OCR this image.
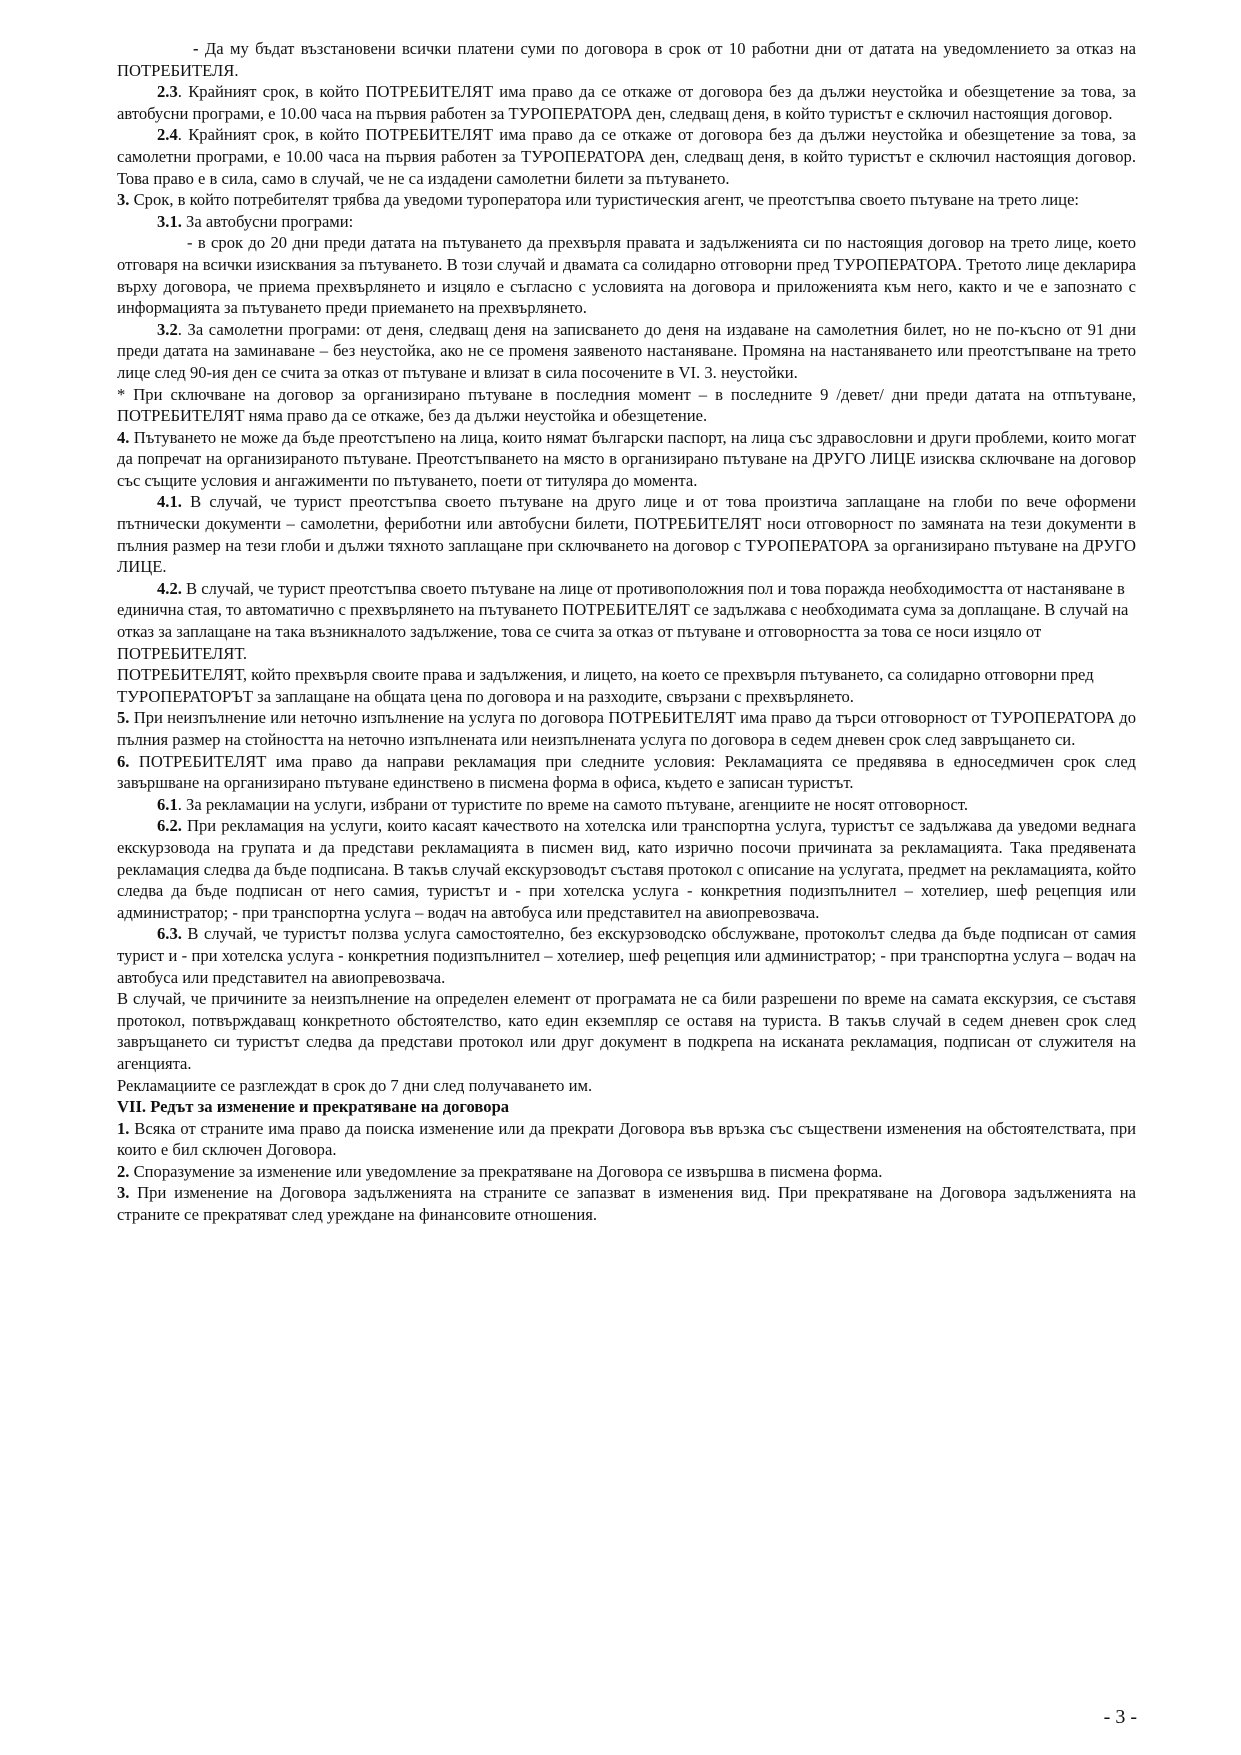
- Да му бъдат възстановени всички платени суми по договора в срок от 10 работни дни от датата на уведомлението за отказ на ПОТРЕБИТЕЛЯ.

2.3. Крайният срок, в който ПОТРЕБИТЕЛЯТ има право да се откаже от договора без да дължи неустойка и обезщетение за това, за автобусни програми, е 10.00 часа на първия работен за ТУРОПЕРАТОРА ден, следващ деня, в който туристът е сключил настоящия договор.

2.4. Крайният срок, в който ПОТРЕБИТЕЛЯТ има право да се откаже от договора без да дължи неустойка и обезщетение за това, за самолетни програми, е 10.00 часа на първия работен за ТУРОПЕРАТОРА ден, следващ деня, в който туристът е сключил настоящия договор. Това право е в сила, само в случай, че не са издадени самолетни билети за пътуването.

3. Срок, в който потребителят трябва да уведоми туроператора или туристическия агент, че преотстъпва своето пътуване на трето лице:

3.1. За автобусни програми:

- в срок до 20 дни преди датата на пътуването да прехвърля правата и задълженията си по настоящия договор на трето лице, което отговаря на всички изисквания за пътуването. В този случай и двамата са солидарно отговорни пред ТУРОПЕРАТОРА. Третото лице декларира върху договора, че приема прехвърлянето и изцяло е съгласно с условията на договора и приложенията към него, както и че е запознато с информацията за пътуването преди приемането на прехвърлянето.

3.2. За самолетни програми: от деня, следващ деня на записването до деня на издаване на самолетния билет, но не по-късно от 91 дни преди датата на заминаване – без неустойка, ако не се променя заявеното настаняване. Промяна на настаняването или преотстъпване на трето лице след 90-ия ден се счита за отказ от пътуване и влизат в сила посочените в VI. 3. неустойки.

* При сключване на договор за организирано пътуване в последния момент – в последните 9 /девет/ дни преди датата на отпътуване, ПОТРЕБИТЕЛЯТ няма право да се откаже, без да дължи неустойка и обезщетение.

4. Пътуването не може да бъде преотстъпено на лица, които нямат български паспорт, на лица със здравословни и други проблеми, които могат да попречат на организираното пътуване. Преотстъпването на място в организирано пътуване на ДРУГО ЛИЦЕ изисква сключване на договор със същите условия и ангажименти по пътуването, поети от титуляра до момента.

4.1. В случай, че турист преотстъпва своето пътуване на друго лице и от това произтича заплащане на глоби по вече оформени пътнически документи – самолетни, фериботни или автобусни билети, ПОТРЕБИТЕЛЯТ носи отговорност по замяната на тези документи в пълния размер на тези глоби и дължи тяхното заплащане при сключването на договор с ТУРОПЕРАТОРА за организирано пътуване на ДРУГО ЛИЦЕ.

4.2. В случай, че турист преотстъпва своето пътуване на лице от противоположния пол и това поражда необходимостта от настаняване в единична стая, то автоматично с прехвърлянето на пътуването ПОТРЕБИТЕЛЯТ се задължава с необходимата сума за доплащане. В случай на отказ за заплащане на така възникналото задължение, това се счита за отказ от пътуване и отговорността за това се носи изцяло от ПОТРЕБИТЕЛЯТ.

ПОТРЕБИТЕЛЯТ, който прехвърля своите права и задължения, и лицето, на което се прехвърля пътуването, са солидарно отговорни пред ТУРОПЕРАТОРЪТ за заплащане на общата цена по договора и на разходите, свързани с прехвърлянето.

5. При неизпълнение или неточно изпълнение на услуга по договора ПОТРЕБИТЕЛЯТ има право да търси отговорност от ТУРОПЕРАТОРА до пълния размер на стойността на неточно изпълнената или неизпълнената услуга по договора в седем дневен срок след завръщането си.

6. ПОТРЕБИТЕЛЯТ има право да направи рекламация при следните условия: Рекламацията се предявява в едноседмичен срок след завършване на организирано пътуване единствено в писмена форма в офиса, където е записан туристът.

6.1. За рекламации на услуги, избрани от туристите по време на самото пътуване, агенциите не носят отговорност.

6.2. При рекламация на услуги, които касаят качеството на хотелска или транспортна услуга, туристът се задължава да уведоми веднага екскурзовода на групата и да представи рекламацията в писмен вид, като изрично посочи причината за рекламацията. Така предявената рекламация следва да бъде подписана. В такъв случай екскурзоводът съставя протокол с описание на услугата, предмет на рекламацията, който следва да бъде подписан от него самия, туристът и - при хотелска услуга - конкретния подизпълнител – хотелиер, шеф рецепция или администратор; - при транспортна услуга – водач на автобуса или представител на авиопревозвача.

6.3. В случай, че туристът ползва услуга самостоятелно, без екскурзоводско обслужване, протоколът следва да бъде подписан от самия турист и - при хотелска услуга - конкретния подизпълнител – хотелиер, шеф рецепция или администратор; - при транспортна услуга – водач на автобуса или представител на авиопревозвача.

В случай, че причините за неизпълнение на определен елемент от програмата не са били разрешени по време на самата екскурзия, се съставя протокол, потвърждаващ конкретното обстоятелство, като един екземпляр се оставя на туриста. В такъв случай в седем дневен срок след завръщането си туристът следва да представи протокол или друг документ в подкрепа на исканата рекламация, подписан от служителя на агенцията.

Рекламациите се разглеждат в срок до 7 дни след получаването им.

VII. Редът за изменение и прекратяване на договора

1. Всяка от страните има право да поиска изменение или да прекрати Договора във връзка със съществени изменения на обстоятелствата, при които е бил сключен Договора.

2. Споразумение за изменение или уведомление за прекратяване на Договора се извършва в писмена форма.

3. При изменение на Договора задълженията на страните се запазват в изменения вид. При прекратяване на Договора задълженията на страните се прекратяват след уреждане на финансовите отношения.

- 3 -
